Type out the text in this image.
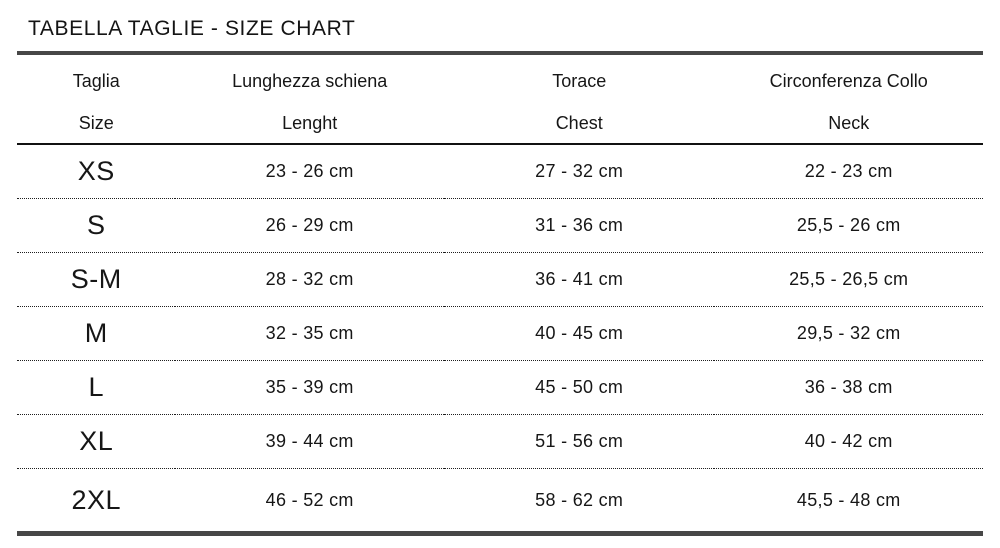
TABELLA TAGLIE - SIZE CHART
Taglia	Lunghezza schiena	Torace	Circonferenza Collo
Size	Lenght	Chest	Neck
XS	23 - 26 cm	27 - 32 cm	22 - 23 cm
S	26 - 29 cm	31 - 36 cm	25,5 - 26 cm
S-M	28 - 32 cm	36 - 41 cm	25,5 - 26,5 cm
M	32 - 35 cm	40 - 45 cm	29,5 - 32 cm
L	35 - 39 cm	45 - 50 cm	36 - 38 cm
XL	39 - 44 cm	51 - 56 cm	40 - 42 cm
2XL	46 - 52 cm	58 - 62 cm	45,5 - 48 cm
